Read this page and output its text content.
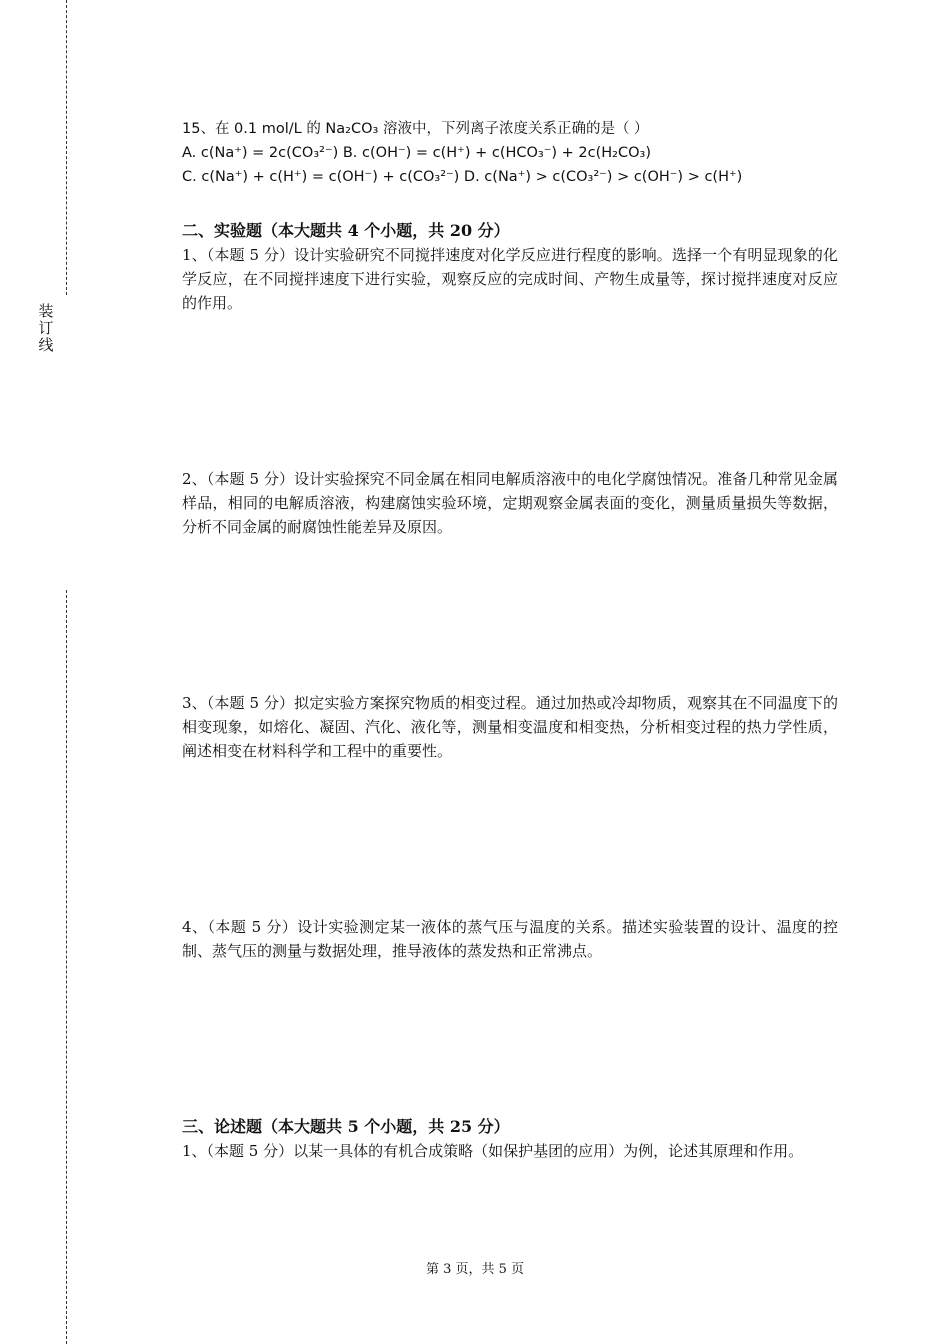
装订线

15、在 0.1 mol/L 的 Na₂CO₃ 溶液中，下列离子浓度关系正确的是（ ）

A. c(Na⁺) = 2c(CO₃²⁻) B. c(OH⁻) = c(H⁺) + c(HCO₃⁻) + 2c(H₂CO₃)

C. c(Na⁺) + c(H⁺) = c(OH⁻) + c(CO₃²⁻) D. c(Na⁺) > c(CO₃²⁻) > c(OH⁻) > c(H⁺)

二、实验题（本大题共 4 个小题，共 20 分）
1、（本题 5 分）设计实验研究不同搅拌速度对化学反应进行程度的影响。选择一个有明显现象的化学反应，在不同搅拌速度下进行实验，观察反应的完成时间、产物生成量等，探讨搅拌速度对反应的作用。
2、（本题 5 分）设计实验探究不同金属在相同电解质溶液中的电化学腐蚀情况。准备几种常见金属样品，相同的电解质溶液，构建腐蚀实验环境，定期观察金属表面的变化，测量质量损失等数据，分析不同金属的耐腐蚀性能差异及原因。
3、（本题 5 分）拟定实验方案探究物质的相变过程。通过加热或冷却物质，观察其在不同温度下的相变现象，如熔化、凝固、汽化、液化等，测量相变温度和相变热，分析相变过程的热力学性质，阐述相变在材料科学和工程中的重要性。
4、（本题 5 分）设计实验测定某一液体的蒸气压与温度的关系。描述实验装置的设计、温度的控制、蒸气压的测量与数据处理，推导液体的蒸发热和正常沸点。
三、论述题（本大题共 5 个小题，共 25 分）
1、（本题 5 分）以某一具体的有机合成策略（如保护基团的应用）为例，论述其原理和作用。
第 3 页，共 5 页
